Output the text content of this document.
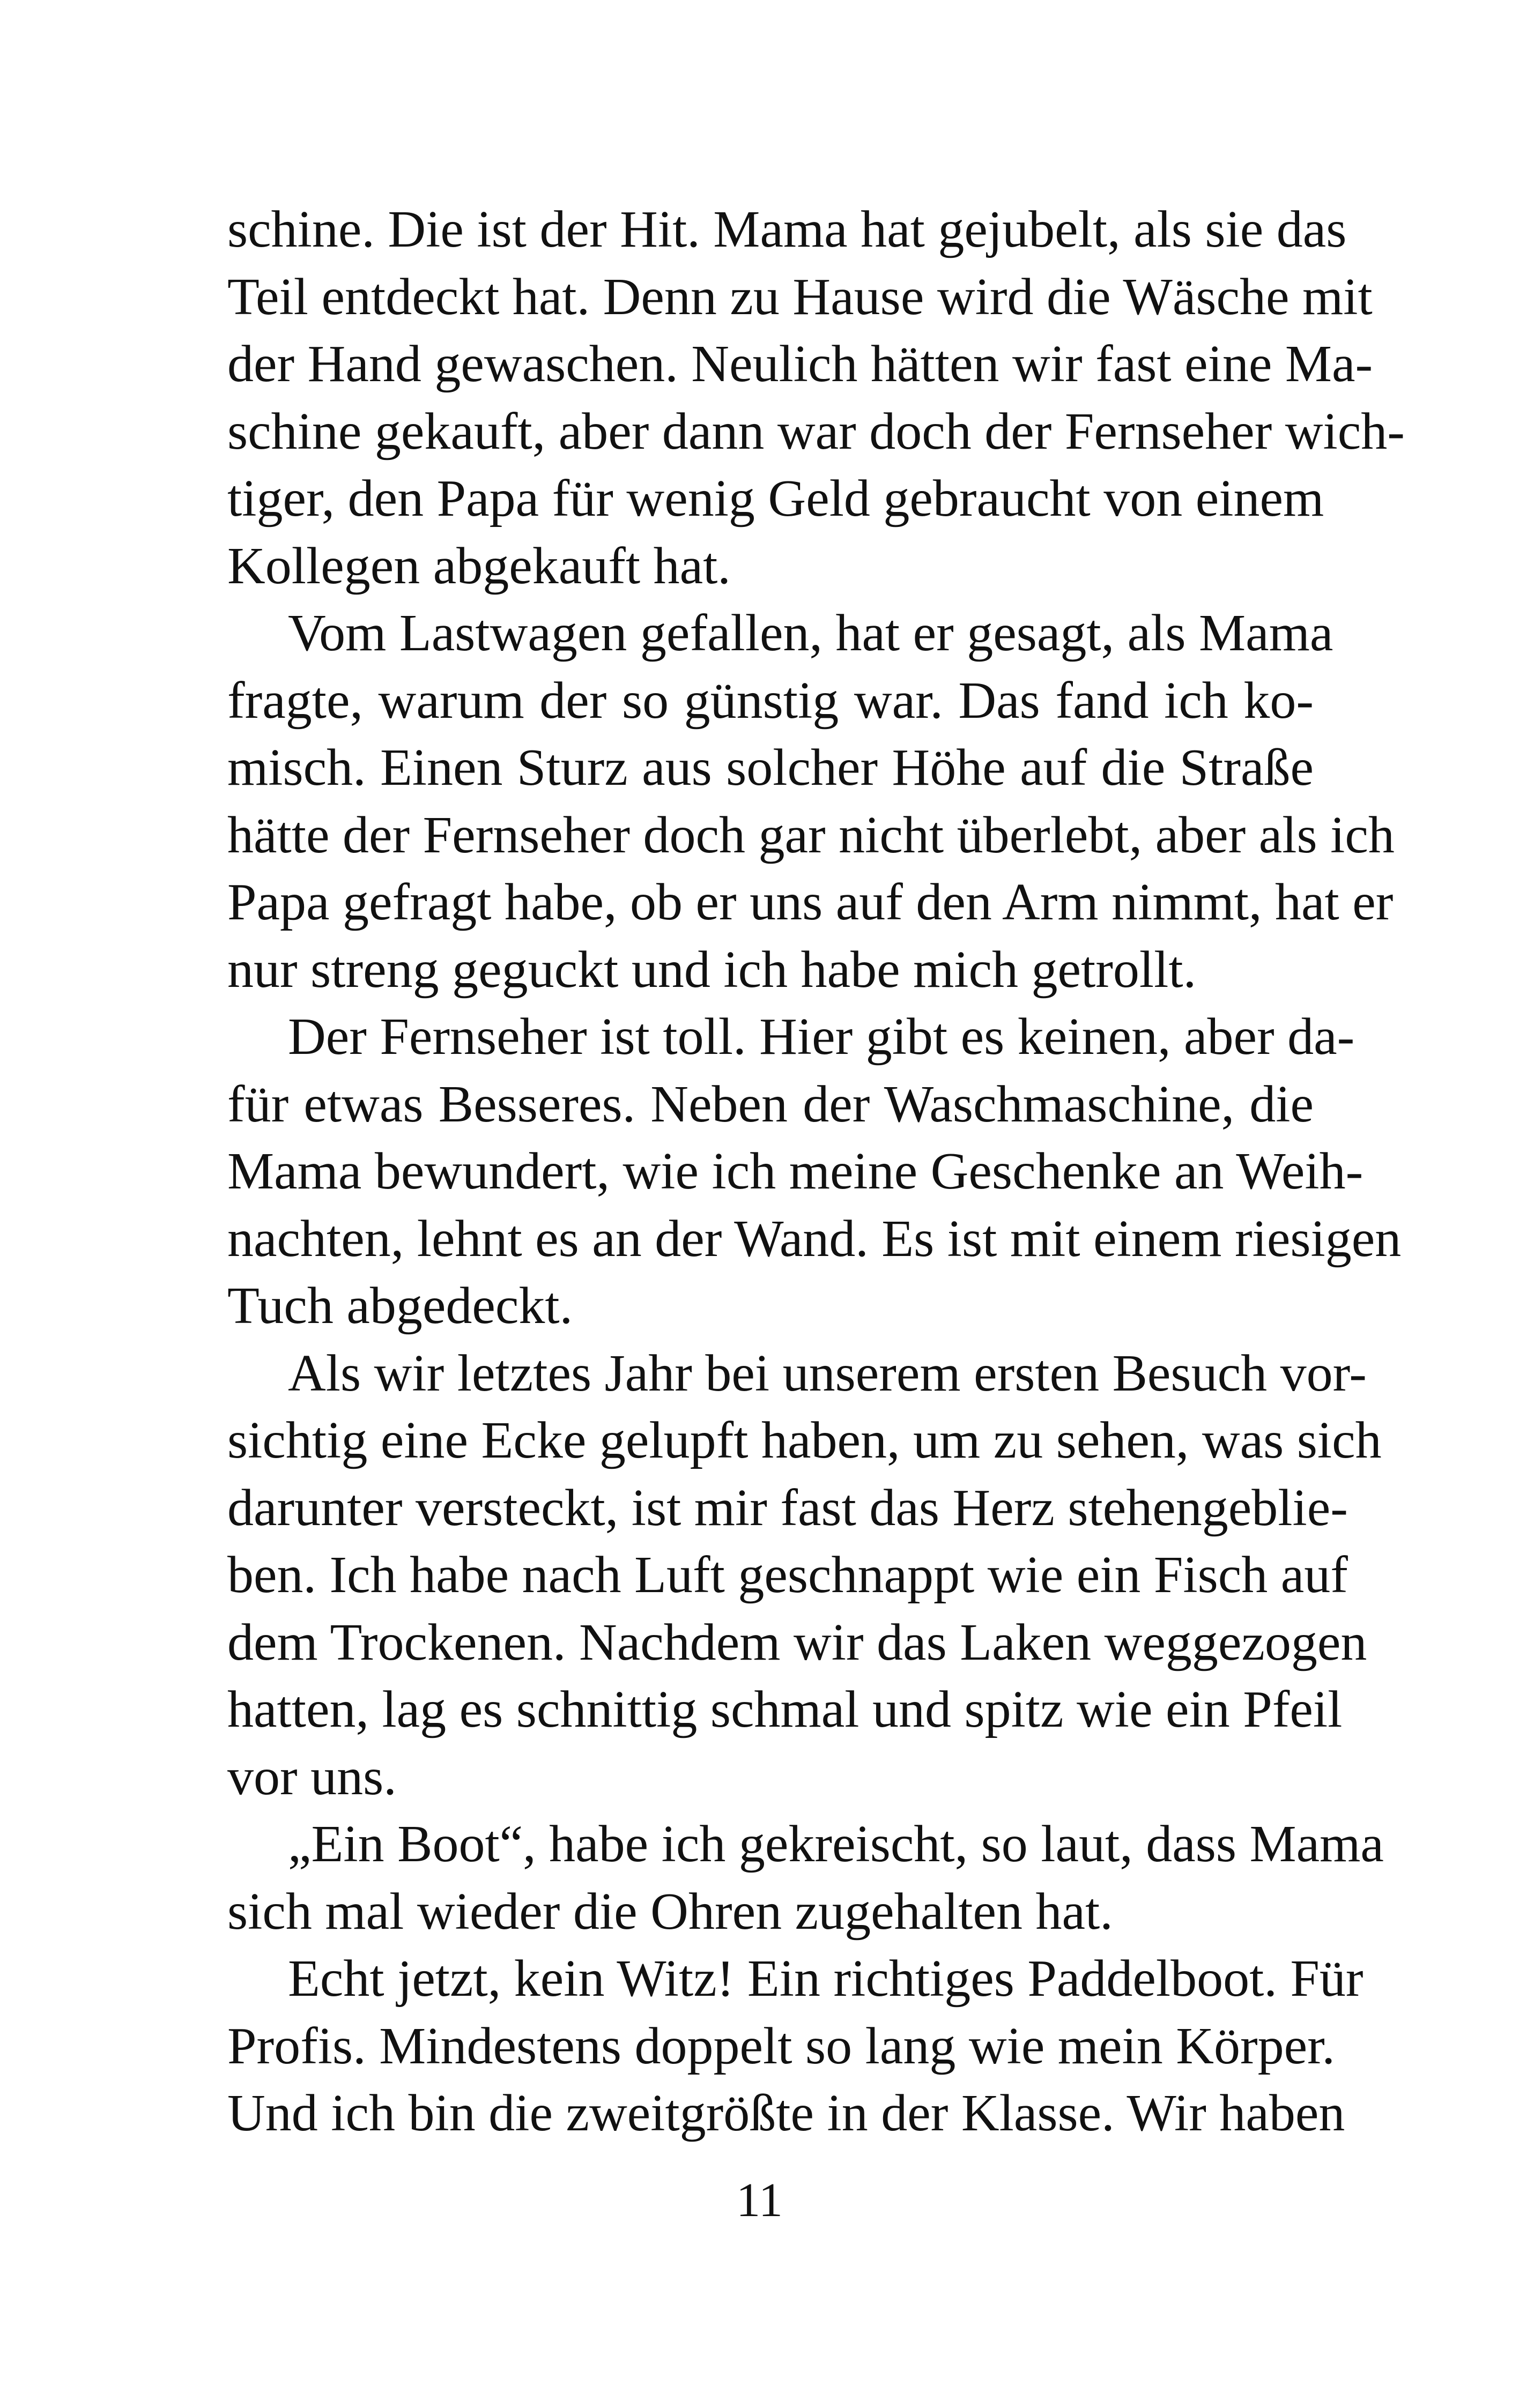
schine. Die ist der Hit. Mama hat gejubelt, als sie das
Teil entdeckt hat. Denn zu Hause wird die Wäsche mit
der Hand gewaschen. Neulich hätten wir fast eine Ma-
schine gekauft, aber dann war doch der Fernseher wich-
tiger, den Papa für wenig Geld gebraucht von einem
Kollegen abgekauft hat.
Vom Lastwagen gefallen, hat er gesagt, als Mama
fragte, warum der so günstig war. Das fand ich ko-
misch. Einen Sturz aus solcher Höhe auf die Straße
hätte der Fernseher doch gar nicht überlebt, aber als ich
Papa gefragt habe, ob er uns auf den Arm nimmt, hat er
nur streng geguckt und ich habe mich getrollt.
Der Fernseher ist toll. Hier gibt es keinen, aber da-
für etwas Besseres. Neben der Waschmaschine, die
Mama bewundert, wie ich meine Geschenke an Weih-
nachten, lehnt es an der Wand. Es ist mit einem riesigen
Tuch abgedeckt.
Als wir letztes Jahr bei unserem ersten Besuch vor-
sichtig eine Ecke gelupft haben, um zu sehen, was sich
darunter versteckt, ist mir fast das Herz stehengeblie-
ben. Ich habe nach Luft geschnappt wie ein Fisch auf
dem Trockenen. Nachdem wir das Laken weggezogen
hatten, lag es schnittig schmal und spitz wie ein Pfeil
vor uns.
„Ein Boot“, habe ich gekreischt, so laut, dass Mama
sich mal wieder die Ohren zugehalten hat.
Echt jetzt, kein Witz! Ein richtiges Paddelboot. Für
Profis. Mindestens doppelt so lang wie mein Körper.
Und ich bin die zweitgrößte in der Klasse. Wir haben
11
